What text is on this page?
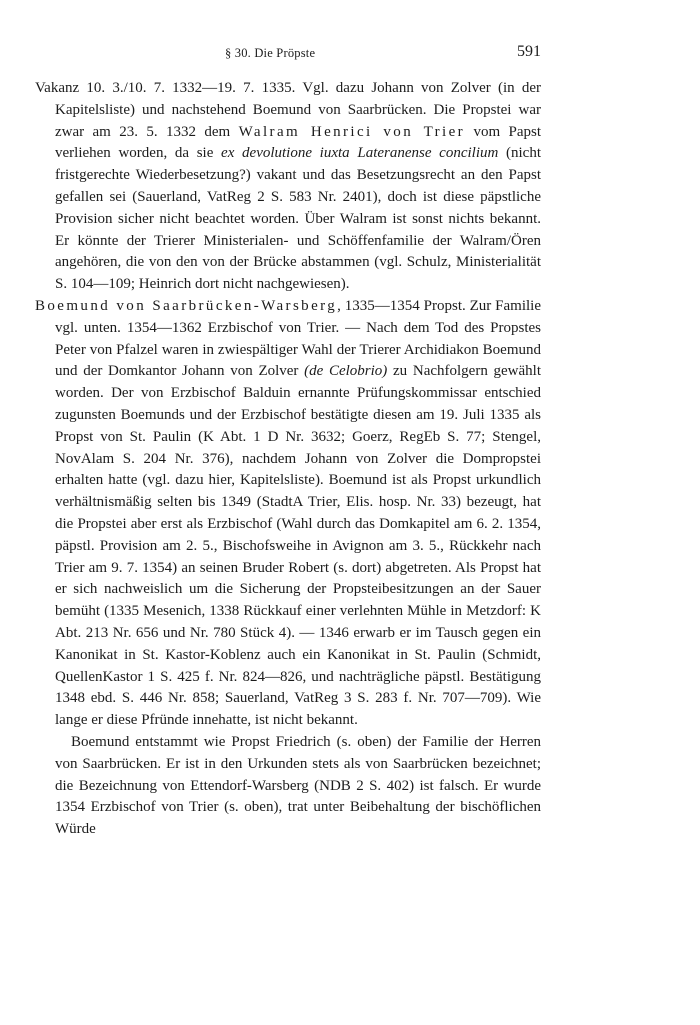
§ 30. Die Pröpste	591

Vakanz 10. 3./10. 7. 1332—19. 7. 1335. Vgl. dazu Johann von Zolver (in der Kapitelsliste) und nachstehend Boemund von Saarbrücken. Die Propstei war zwar am 23. 5. 1332 dem Walram Henrici von Trier vom Papst verliehen worden, da sie ex devolutione iuxta Lateranense concilium (nicht fristgerechte Wiederbesetzung?) vakant und das Besetzungsrecht an den Papst gefallen sei (Sauerland, VatReg 2 S. 583 Nr. 2401), doch ist diese päpstliche Provision sicher nicht beachtet worden. Über Walram ist sonst nichts bekannt. Er könnte der Trierer Ministerialen- und Schöffenfamilie der Walram/Ören angehören, die von den von der Brücke abstammen (vgl. Schulz, Ministerialität S. 104—109; Heinrich dort nicht nachgewiesen).

Boemund von Saarbrücken-Warsberg, 1335—1354 Propst. Zur Familie vgl. unten. 1354—1362 Erzbischof von Trier. — Nach dem Tod des Propstes Peter von Pfalzel waren in zwiespältiger Wahl der Trierer Archidiakon Boemund und der Domkantor Johann von Zolver (de Celobrio) zu Nachfolgern gewählt worden. Der von Erzbischof Balduin ernannte Prüfungskommissar entschied zugunsten Boemunds und der Erzbischof bestätigte diesen am 19. Juli 1335 als Propst von St. Paulin (K Abt. 1 D Nr. 3632; Goerz, RegEb S. 77; Stengel, NovAlam S. 204 Nr. 376), nachdem Johann von Zolver die Dompropstei erhalten hatte (vgl. dazu hier, Kapitelsliste). Boemund ist als Propst urkundlich verhältnismäßig selten bis 1349 (StadtA Trier, Elis. hosp. Nr. 33) bezeugt, hat die Propstei aber erst als Erzbischof (Wahl durch das Domkapitel am 6. 2. 1354, päpstl. Provision am 2. 5., Bischofsweihe in Avignon am 3. 5., Rückkehr nach Trier am 9. 7. 1354) an seinen Bruder Robert (s. dort) abgetreten. Als Propst hat er sich nachweislich um die Sicherung der Propsteibesitzungen an der Sauer bemüht (1335 Mesenich, 1338 Rückkauf einer verlehnten Mühle in Metzdorf: K Abt. 213 Nr. 656 und Nr. 780 Stück 4). — 1346 erwarb er im Tausch gegen ein Kanonikat in St. Kastor-Koblenz auch ein Kanonikat in St. Paulin (Schmidt, QuellenKastor 1 S. 425 f. Nr. 824—826, und nachträgliche päpstl. Bestätigung 1348 ebd. S. 446 Nr. 858; Sauerland, VatReg 3 S. 283 f. Nr. 707—709). Wie lange er diese Pfründe innehatte, ist nicht bekannt.

Boemund entstammt wie Propst Friedrich (s. oben) der Familie der Herren von Saarbrücken. Er ist in den Urkunden stets als von Saarbrücken bezeichnet; die Bezeichnung von Ettendorf-Warsberg (NDB 2 S. 402) ist falsch. Er wurde 1354 Erzbischof von Trier (s. oben), trat unter Beibehaltung der bischöflichen Würde
